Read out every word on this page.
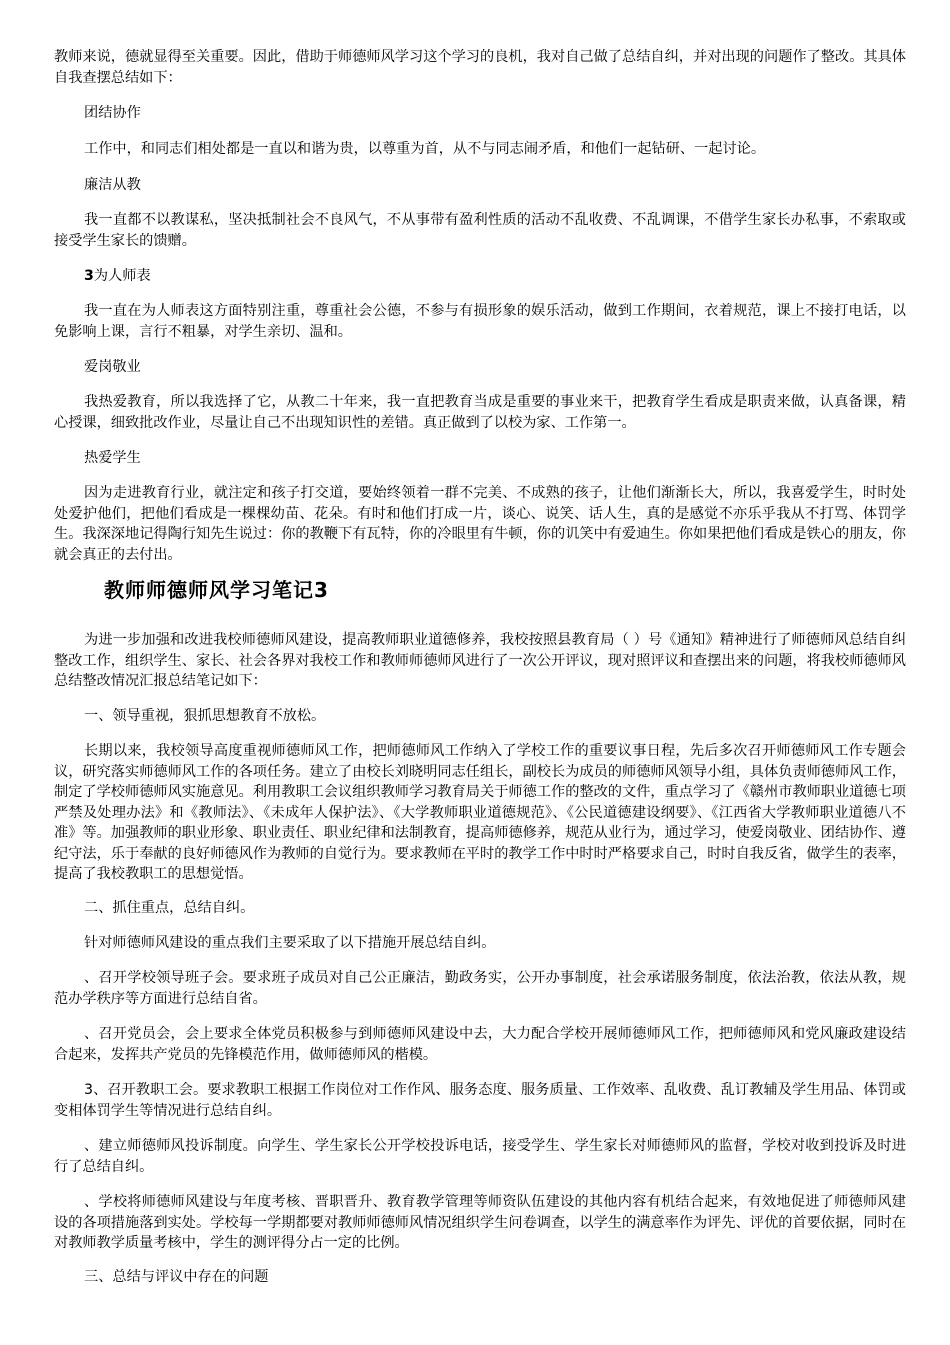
教师来说，德就显得至关重要。因此，借助于师德师风学习这个学习的良机，我对自己做了总结自纠，并对出现的问题作了整改。其具体自我查摆总结如下：

团结协作

工作中，和同志们相处都是一直以和谐为贵，以尊重为首，从不与同志闹矛盾，和他们一起钻研、一起讨论。

廉洁从教

我一直都不以教谋私，坚决抵制社会不良风气，不从事带有盈利性质的活动不乱收费、不乱调课，不借学生家长办私事，不索取或接受学生家长的馈赠。

3为人师表

我一直在为人师表这方面特别注重，尊重社会公德，不参与有损形象的娱乐活动，做到工作期间，衣着规范，课上不接打电话，以免影响上课，言行不粗暴，对学生亲切、温和。

爱岗敬业

我热爱教育，所以我选择了它，从教二十年来，我一直把教育当成是重要的事业来干，把教育学生看成是职责来做，认真备课，精心授课，细致批改作业，尽量让自己不出现知识性的差错。真正做到了以校为家、工作第一。

热爱学生

因为走进教育行业，就注定和孩子打交道，要始终领着一群不完美、不成熟的孩子，让他们渐渐长大，所以，我喜爱学生，时时处处爱护他们，把他们看成是一棵棵幼苗、花朵。有时和他们打成一片，谈心、说笑、话人生，真的是感觉不亦乐乎我从不打骂、体罚学生。我深深地记得陶行知先生说过：你的教鞭下有瓦特，你的冷眼里有牛顿，你的讥笑中有爱迪生。你如果把他们看成是铁心的朋友，你就会真正的去付出。

教师师德师风学习笔记3

为进一步加强和改进我校师德师风建设，提高教师职业道德修养，我校按照县教育局（ ）号《通知》精神进行了师德师风总结自纠整改工作，组织学生、家长、社会各界对我校工作和教师师德师风进行了一次公开评议，现对照评议和查摆出来的问题，将我校师德师风总结整改情况汇报总结笔记如下：

一、领导重视，狠抓思想教育不放松。

长期以来，我校领导高度重视师德师风工作，把师德师风工作纳入了学校工作的重要议事日程，先后多次召开师德师风工作专题会议，研究落实师德师风工作的各项任务。建立了由校长刘晓明同志任组长，副校长为成员的师德师风领导小组，具体负责师德师风工作，制定了学校师德师风实施意见。利用教职工会议组织教师学习教育局关于师德工作的整改的文件，重点学习了《赣州市教师职业道德七项严禁及处理办法》和《教师法》、《未成年人保护法》、《大学教师职业道德规范》、《公民道德建设纲要》、《江西省大学教师职业道德八不准》等。加强教师的职业形象、职业责任、职业纪律和法制教育，提高师德修养，规范从业行为，通过学习，使爱岗敬业、团结协作、遵纪守法，乐于奉献的良好师德风作为教师的自觉行为。要求教师在平时的教学工作中时时严格要求自己，时时自我反省，做学生的表率，提高了我校教职工的思想觉悟。

二、抓住重点，总结自纠。

针对师德师风建设的重点我们主要采取了以下措施开展总结自纠。

、召开学校领导班子会。要求班子成员对自己公正廉洁，勤政务实，公开办事制度，社会承诺服务制度，依法治教，依法从教，规范办学秩序等方面进行总结自省。

、召开党员会，会上要求全体党员积极参与到师德师风建设中去，大力配合学校开展师德师风工作，把师德师风和党风廉政建设结合起来，发挥共产党员的先锋模范作用，做师德师风的楷模。

3、召开教职工会。要求教职工根据工作岗位对工作作风、服务态度、服务质量、工作效率、乱收费、乱订教辅及学生用品、体罚或变相体罚学生等情况进行总结自纠。

、建立师德师风投诉制度。向学生、学生家长公开学校投诉电话，接受学生、学生家长对师德师风的监督，学校对收到投诉及时进行了总结自纠。

、学校将师德师风建设与年度考核、晋职晋升、教育教学管理等师资队伍建设的其他内容有机结合起来，有效地促进了师德师风建设的各项措施落到实处。学校每一学期都要对教师师德师风情况组织学生问卷调查，以学生的满意率作为评先、评优的首要依据，同时在对教师教学质量考核中，学生的测评得分占一定的比例。

三、总结与评议中存在的问题
